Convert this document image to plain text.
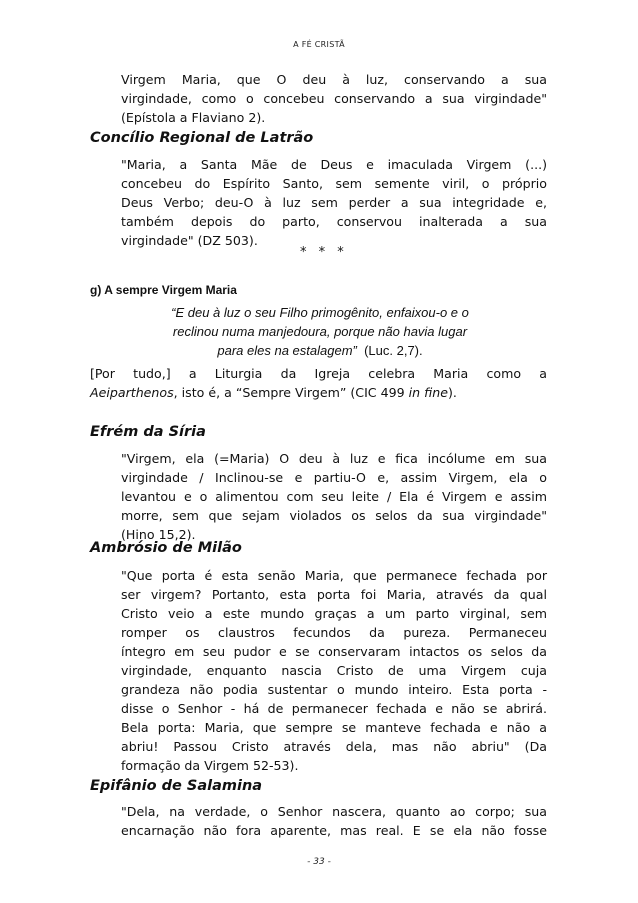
A FÉ CRISTÃ
Virgem Maria, que O deu à luz, conservando a sua
virgindade, como o concebeu conservando a sua virgindade"
(Epístola a Flaviano 2).
Concílio Regional de Latrão
"Maria, a Santa Mãe de Deus e imaculada Virgem (...)
concebeu do Espírito Santo, sem semente viril, o próprio
Deus Verbo; deu-O à luz sem perder a sua integridade e,
também depois do parto, conservou inalterada a sua
virgindade" (DZ 503).
* * *
g) A sempre Virgem Maria
“E deu à luz o seu Filho primogênito, enfaixou-o e o
reclinou numa manjedoura, porque não havia lugar
para eles na estalagem” (Luc. 2,7).
[Por tudo,] a Liturgia da Igreja celebra Maria como a
Aeiparthenos, isto é, a “Sempre Virgem” (CIC 499 in fine).
Efrém da Síria
"Virgem, ela (=Maria) O deu à luz e fica incólume em sua
virgindade / Inclinou-se e partiu-O e, assim Virgem, ela o
levantou e o alimentou com seu leite / Ela é Virgem e assim
morre, sem que sejam violados os selos da sua virgindade"
(Hino 15,2).
Ambrósio de Milão
"Que porta é esta senão Maria, que permanece fechada por
ser virgem? Portanto, esta porta foi Maria, através da qual
Cristo veio a este mundo graças a um parto virginal, sem
romper os claustros fecundos da pureza. Permaneceu
íntegro em seu pudor e se conservaram intactos os selos da
virgindade, enquanto nascia Cristo de uma Virgem cuja
grandeza não podia sustentar o mundo inteiro. Esta porta -
disse o Senhor - há de permanecer fechada e não se abrirá.
Bela porta: Maria, que sempre se manteve fechada e não a
abriu! Passou Cristo através dela, mas não abriu" (Da
formação da Virgem 52-53).
Epifânio de Salamina
"Dela, na verdade, o Senhor nascera, quanto ao corpo; sua
encarnação não fora aparente, mas real. E se ela não fosse
- 33 -
